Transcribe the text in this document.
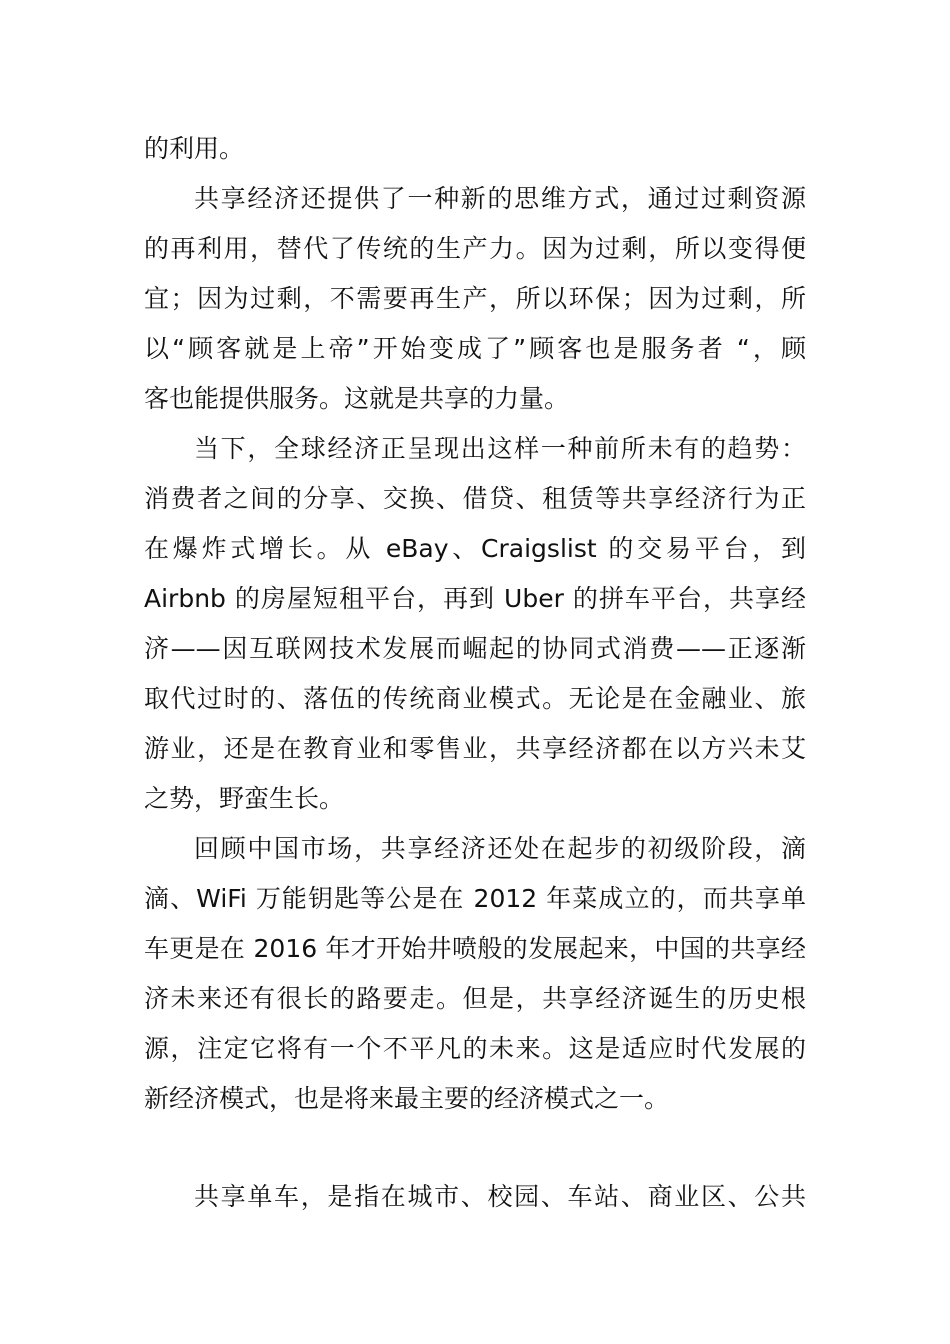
的利用。
共享经济还提供了一种新的思维方式，通过过剩资源
的再利用，替代了传统的生产力。因为过剩，所以变得便
宜；因为过剩，不需要再生产，所以环保；因为过剩，所
以“顾客就是上帝”开始变成了”顾客也是服务者 “，顾
客也能提供服务。这就是共享的力量。
当下，全球经济正呈现出这样一种前所未有的趋势：
消费者之间的分享、交换、借贷、租赁等共享经济行为正
在爆炸式增长。从 eBay、Craigslist 的交易平台，到
Airbnb 的房屋短租平台，再到 Uber 的拼车平台，共享经
济——因互联网技术发展而崛起的协同式消费——正逐渐
取代过时的、落伍的传统商业模式。无论是在金融业、旅
游业，还是在教育业和零售业，共享经济都在以方兴未艾
之势，野蛮生长。
回顾中国市场，共享经济还处在起步的初级阶段，滴
滴、WiFi 万能钥匙等公是在 2012 年菜成立的，而共享单
车更是在 2016 年才开始井喷般的发展起来，中国的共享经
济未来还有很长的路要走。但是，共享经济诞生的历史根
源，注定它将有一个不平凡的未来。这是适应时代发展的
新经济模式，也是将来最主要的经济模式之一。
共享单车，是指在城市、校园、车站、商业区、公共
